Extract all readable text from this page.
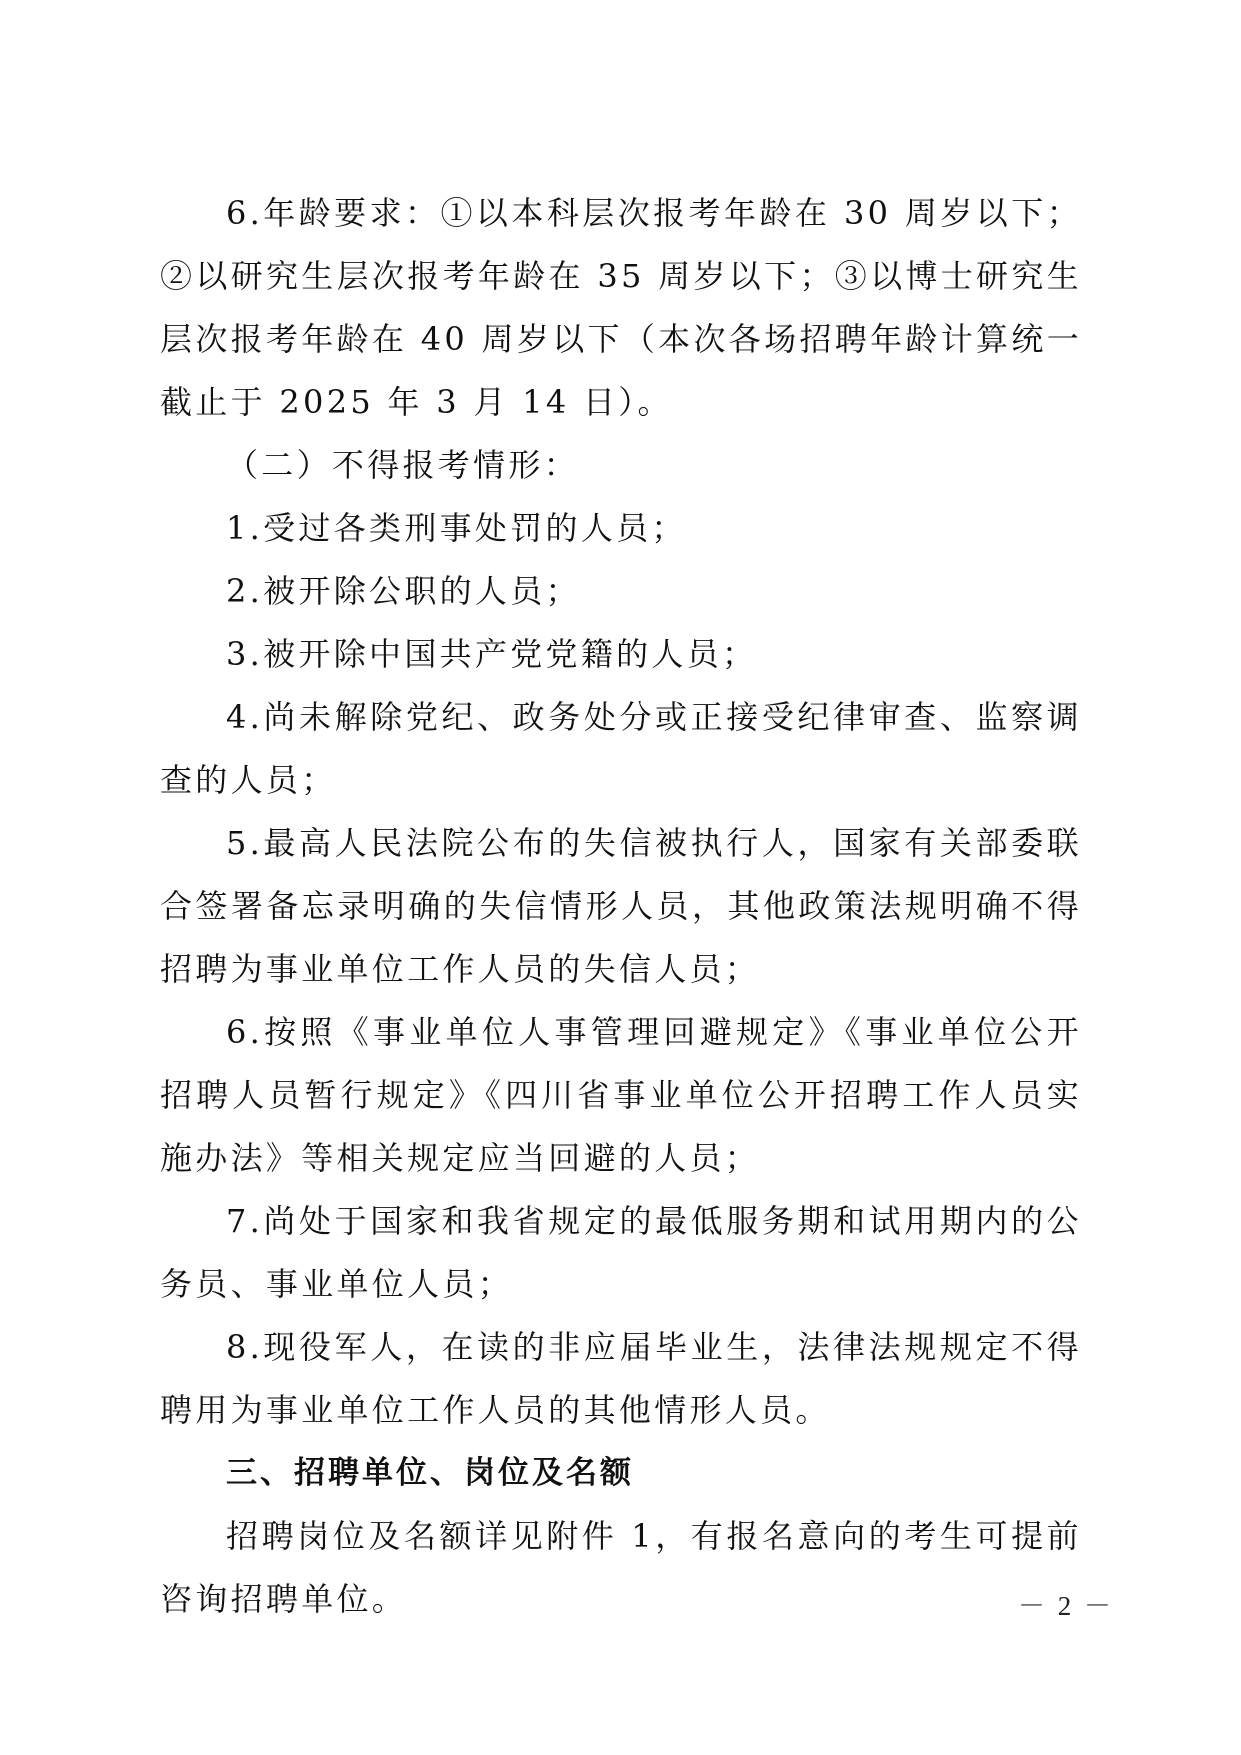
6.年龄要求：①以本科层次报考年龄在 30 周岁以下；②以研究生层次报考年龄在 35 周岁以下；③以博士研究生层次报考年龄在 40 周岁以下（本次各场招聘年龄计算统一截止于 2025 年 3 月 14 日）。

（二）不得报考情形：

1.受过各类刑事处罚的人员；

2.被开除公职的人员；

3.被开除中国共产党党籍的人员；

4.尚未解除党纪、政务处分或正接受纪律审查、监察调查的人员；

5.最高人民法院公布的失信被执行人，国家有关部委联合签署备忘录明确的失信情形人员，其他政策法规明确不得招聘为事业单位工作人员的失信人员；

6.按照《事业单位人事管理回避规定》《事业单位公开招聘人员暂行规定》《四川省事业单位公开招聘工作人员实施办法》等相关规定应当回避的人员；

7.尚处于国家和我省规定的最低服务期和试用期内的公务员、事业单位人员；

8.现役军人，在读的非应届毕业生，法律法规规定不得聘用为事业单位工作人员的其他情形人员。

三、招聘单位、岗位及名额

招聘岗位及名额详见附件 1，有报名意向的考生可提前咨询招聘单位。	－ 2 －
